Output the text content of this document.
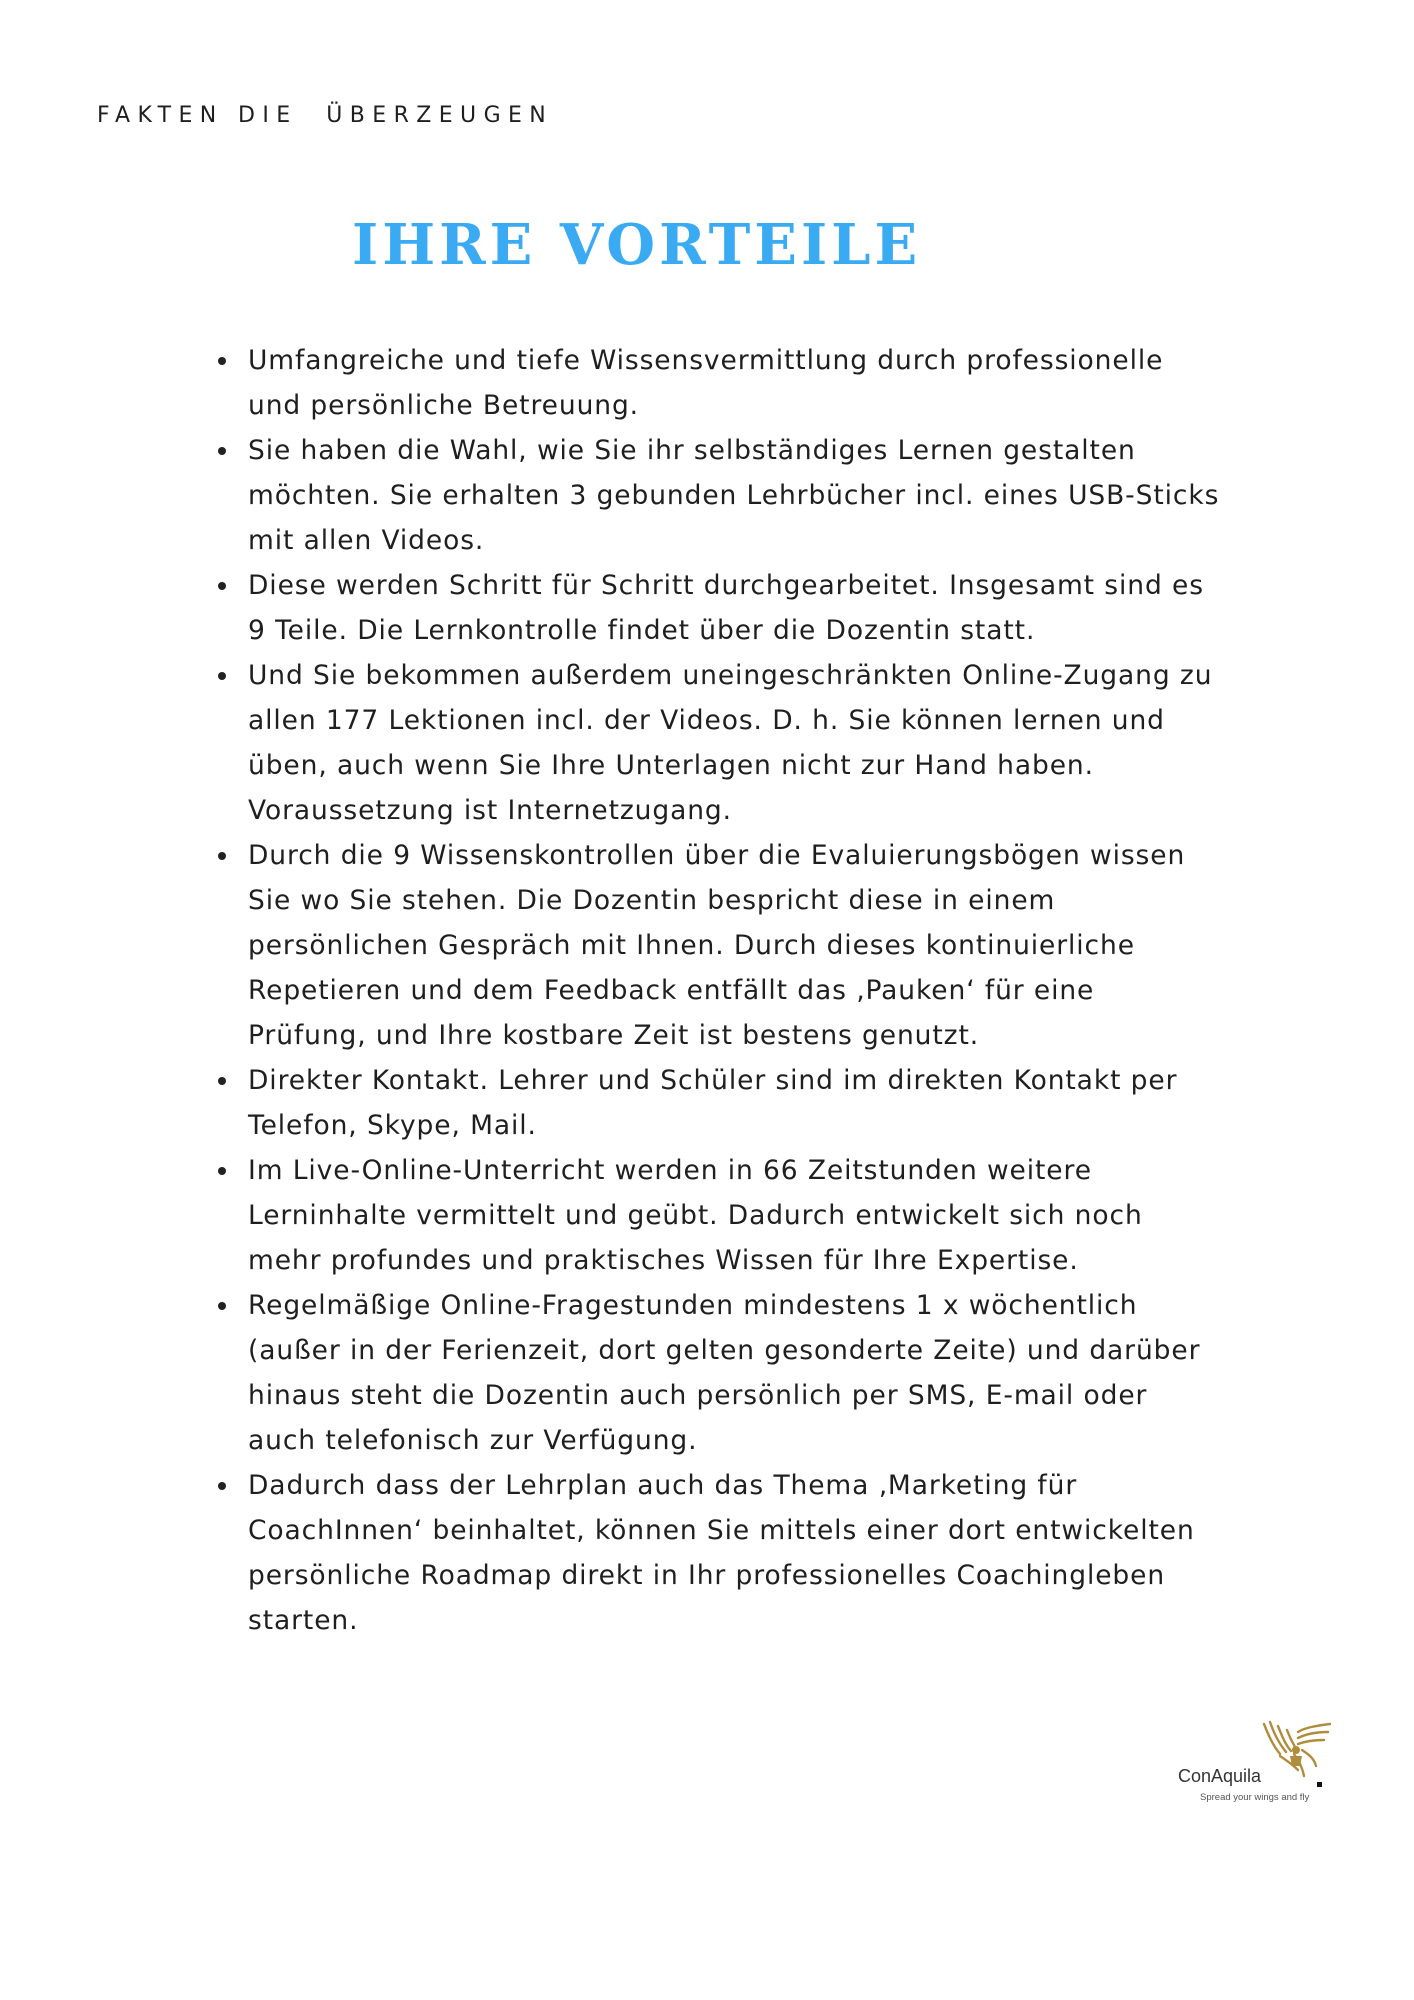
FAKTEN DIE  ÜBERZEUGEN
IHRE VORTEILE
Umfangreiche und tiefe Wissensvermittlung durch professionelle und persönliche Betreuung.
Sie haben die Wahl, wie Sie ihr selbständiges Lernen gestalten möchten. Sie erhalten 3 gebunden Lehrbücher incl. eines USB-Sticks mit allen Videos.
Diese werden Schritt für Schritt durchgearbeitet. Insgesamt sind es 9 Teile. Die Lernkontrolle findet über die Dozentin statt.
Und Sie bekommen außerdem uneingeschränkten Online-Zugang zu allen 177 Lektionen incl. der Videos. D. h. Sie können lernen und üben, auch wenn Sie Ihre Unterlagen nicht zur Hand haben. Voraussetzung ist Internetzugang.
Durch die 9 Wissenskontrollen über die Evaluierungsbögen wissen Sie wo Sie stehen. Die Dozentin bespricht diese in einem persönlichen Gespräch mit Ihnen. Durch dieses kontinuierliche Repetieren und dem Feedback entfällt das ‚Pauken‘ für eine Prüfung, und Ihre kostbare Zeit ist bestens genutzt.
Direkter Kontakt. Lehrer und Schüler sind im direkten Kontakt per Telefon, Skype, Mail.
Im Live-Online-Unterricht werden in 66 Zeitstunden weitere Lerninhalte vermittelt und geübt. Dadurch entwickelt sich noch mehr profundes und praktisches Wissen für Ihre Expertise.
Regelmäßige Online-Fragestunden mindestens 1 x wöchentlich (außer in der Ferienzeit, dort gelten gesonderte Zeite) und darüber hinaus steht die Dozentin auch persönlich per SMS, E-mail oder auch telefonisch zur Verfügung.
Dadurch dass der Lehrplan auch das Thema ‚Marketing für CoachInnen‘ beinhaltet, können Sie mittels einer dort entwickelten persönliche Roadmap direkt in Ihr professionelles Coachingleben starten.
ConAquila
Spread your wings and fly
